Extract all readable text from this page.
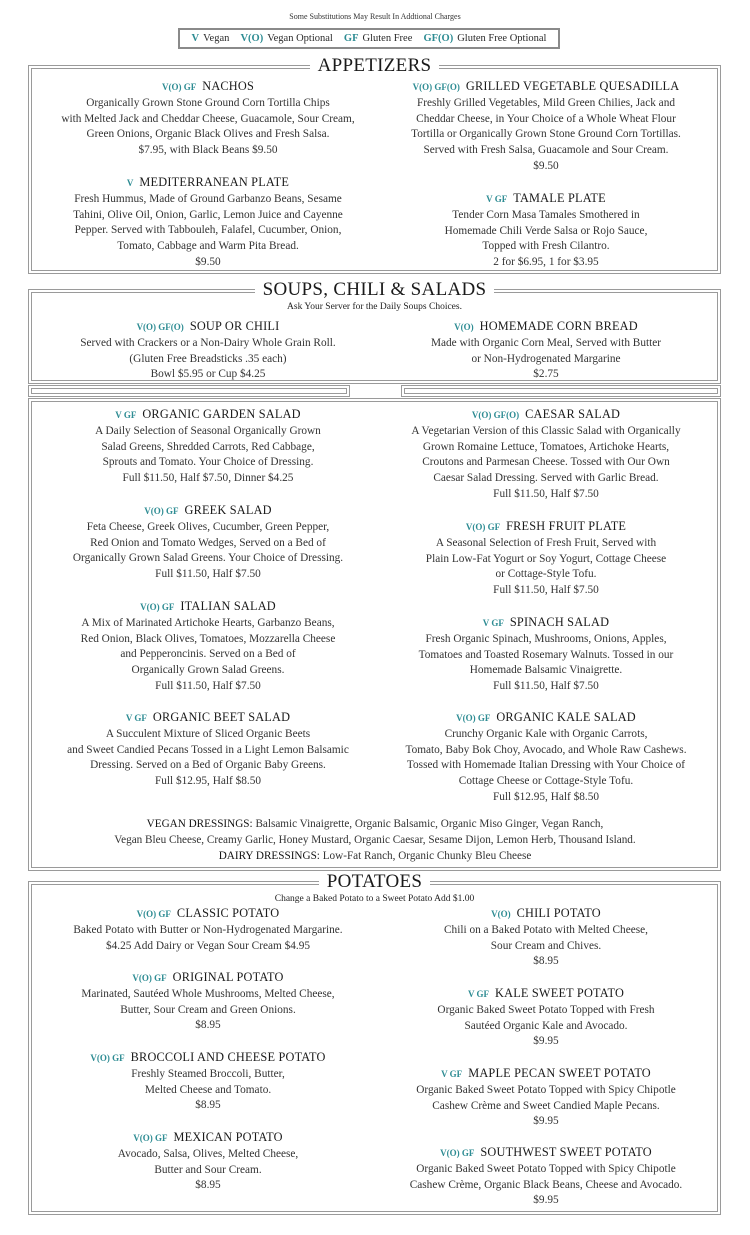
Some Substitutions May Result In Addtional Charges
V Vegan V(O) Vegan Optional GF Gluten Free GF(O) Gluten Free Optional
APPETIZERS
SOUPS, CHILI & SALADS
Ask Your Server for the Daily Soups Choices.
POTATOES
Change a Baked Potato to a Sweet Potato Add $1.00
V(O) GF NACHOS
Organically Grown Stone Ground Corn Tortilla Chips
with Melted Jack and Cheddar Cheese, Guacamole, Sour Cream,
Green Onions, Organic Black Olives and Fresh Salsa.
$7.95, with Black Beans $9.50
V MEDITERRANEAN PLATE
Fresh Hummus, Made of Ground Garbanzo Beans, Sesame
Tahini, Olive Oil, Onion, Garlic, Lemon Juice and Cayenne
Pepper. Served with Tabbouleh, Falafel, Cucumber, Onion,
Tomato, Cabbage and Warm Pita Bread.
$9.50
V(O) GF(O) GRILLED VEGETABLE QUESADILLA
Freshly Grilled Vegetables, Mild Green Chilies, Jack and
Cheddar Cheese, in Your Choice of a Whole Wheat Flour
Tortilla or Organically Grown Stone Ground Corn Tortillas.
Served with Fresh Salsa, Guacamole and Sour Cream.
$9.50
V GF TAMALE PLATE
Tender Corn Masa Tamales Smothered in
Homemade Chili Verde Salsa or Rojo Sauce,
Topped with Fresh Cilantro.
2 for $6.95, 1 for $3.95
V(O) GF(O) SOUP OR CHILI
Served with Crackers or a Non-Dairy Whole Grain Roll.
(Gluten Free Breadsticks .35 each)
Bowl $5.95 or Cup $4.25
V(O) HOMEMADE CORN BREAD
Made with Organic Corn Meal, Served with Butter
or Non-Hydrogenated Margarine
$2.75
V GF ORGANIC GARDEN SALAD
A Daily Selection of Seasonal Organically Grown
Salad Greens, Shredded Carrots, Red Cabbage,
Sprouts and Tomato. Your Choice of Dressing.
Full $11.50, Half $7.50, Dinner $4.25
V(O) GF GREEK SALAD
Feta Cheese, Greek Olives, Cucumber, Green Pepper,
Red Onion and Tomato Wedges, Served on a Bed of
Organically Grown Salad Greens. Your Choice of Dressing.
Full $11.50, Half $7.50
V(O) GF ITALIAN SALAD
A Mix of Marinated Artichoke Hearts, Garbanzo Beans,
Red Onion, Black Olives, Tomatoes, Mozzarella Cheese
and Pepperoncinis. Served on a Bed of
Organically Grown Salad Greens.
Full $11.50, Half $7.50
V GF ORGANIC BEET SALAD
A Succulent Mixture of Sliced Organic Beets
and Sweet Candied Pecans Tossed in a Light Lemon Balsamic
Dressing. Served on a Bed of Organic Baby Greens.
Full $12.95, Half $8.50
V(O) GF(O) CAESAR SALAD
A Vegetarian Version of this Classic Salad with Organically
Grown Romaine Lettuce, Tomatoes, Artichoke Hearts,
Croutons and Parmesan Cheese. Tossed with Our Own
Caesar Salad Dressing. Served with Garlic Bread.
Full $11.50, Half $7.50
V(O) GF FRESH FRUIT PLATE
A Seasonal Selection of Fresh Fruit, Served with
Plain Low-Fat Yogurt or Soy Yogurt, Cottage Cheese
or Cottage-Style Tofu.
Full $11.50, Half $7.50
V GF SPINACH SALAD
Fresh Organic Spinach, Mushrooms, Onions, Apples,
Tomatoes and Toasted Rosemary Walnuts. Tossed in our
Homemade Balsamic Vinaigrette.
Full $11.50, Half $7.50
V(O) GF ORGANIC KALE SALAD
Crunchy Organic Kale with Organic Carrots,
Tomato, Baby Bok Choy, Avocado, and Whole Raw Cashews.
Tossed with Homemade Italian Dressing with Your Choice of
Cottage Cheese or Cottage-Style Tofu.
Full $12.95, Half $8.50
V(O) GF CLASSIC POTATO
Baked Potato with Butter or Non-Hydrogenated Margarine.
$4.25 Add Dairy or Vegan Sour Cream $4.95
V(O) GF ORIGINAL POTATO
Marinated, Sautéed Whole Mushrooms, Melted Cheese,
Butter, Sour Cream and Green Onions.
$8.95
V(O) GF BROCCOLI AND CHEESE POTATO
Freshly Steamed Broccoli, Butter,
Melted Cheese and Tomato.
$8.95
V(O) GF MEXICAN POTATO
Avocado, Salsa, Olives, Melted Cheese,
Butter and Sour Cream.
$8.95
V(O) CHILI POTATO
Chili on a Baked Potato with Melted Cheese,
Sour Cream and Chives.
$8.95
V GF KALE SWEET POTATO
Organic Baked Sweet Potato Topped with Fresh
Sautéed Organic Kale and Avocado.
$9.95
V GF MAPLE PECAN SWEET POTATO
Organic Baked Sweet Potato Topped with Spicy Chipotle
Cashew Crème and Sweet Candied Maple Pecans.
$9.95
V(O) GF SOUTHWEST SWEET POTATO
Organic Baked Sweet Potato Topped with Spicy Chipotle
Cashew Crème, Organic Black Beans, Cheese and Avocado.
$9.95
VEGAN DRESSINGS: Balsamic Vinaigrette, Organic Balsamic, Organic Miso Ginger, Vegan Ranch,
Vegan Bleu Cheese, Creamy Garlic, Honey Mustard, Organic Caesar, Sesame Dijon, Lemon Herb, Thousand Island.
DAIRY DRESSINGS: Low-Fat Ranch, Organic Chunky Bleu Cheese
